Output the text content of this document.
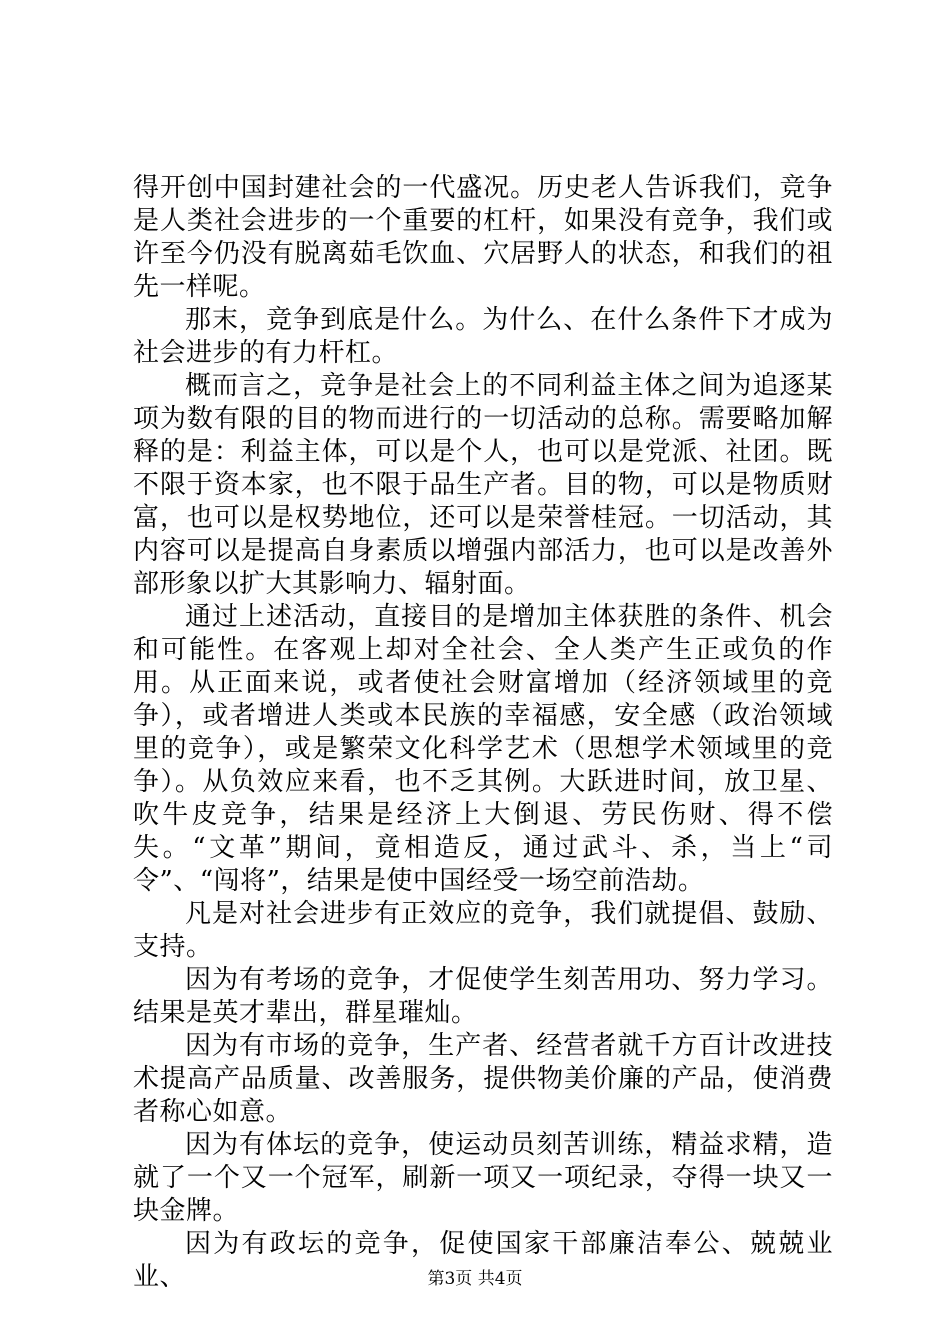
得开创中国封建社会的一代盛况。历史老人告诉我们，竞争是人类社会进步的一个重要的杠杆，如果没有竞争，我们或许至今仍没有脱离茹毛饮血、穴居野人的状态，和我们的祖先一样呢。

那末，竞争到底是什么。为什么、在什么条件下才成为社会进步的有力杆杠。

概而言之，竞争是社会上的不同利益主体之间为追逐某项为数有限的目的物而进行的一切活动的总称。需要略加解释的是：利益主体，可以是个人，也可以是党派、社团。既不限于资本家，也不限于品生产者。目的物，可以是物质财富，也可以是权势地位，还可以是荣誉桂冠。一切活动，其内容可以是提高自身素质以增强内部活力，也可以是改善外部形象以扩大其影响力、辐射面。

通过上述活动，直接目的是增加主体获胜的条件、机会和可能性。在客观上却对全社会、全人类产生正或负的作用。从正面来说，或者使社会财富增加（经济领域里的竞争），或者增进人类或本民族的幸福感，安全感（政治领域里的竞争），或是繁荣文化科学艺术（思想学术领域里的竞争）。从负效应来看，也不乏其例。大跃进时间，放卫星、吹牛皮竞争，结果是经济上大倒退、劳民伤财、得不偿失。“文革”期间，竟相造反，通过武斗、杀，当上“司令”、“闯将”，结果是使中国经受一场空前浩劫。

凡是对社会进步有正效应的竞争，我们就提倡、鼓励、支持。

因为有考场的竞争，才促使学生刻苦用功、努力学习。结果是英才辈出，群星璀灿。

因为有市场的竞争，生产者、经营者就千方百计改进技术提高产品质量、改善服务，提供物美价廉的产品，使消费者称心如意。

因为有体坛的竞争，使运动员刻苦训练，精益求精，造就了一个又一个冠军，刷新一项又一项纪录，夺得一块又一块金牌。

因为有政坛的竞争，促使国家干部廉洁奉公、兢兢业业、	第3页 共4页
